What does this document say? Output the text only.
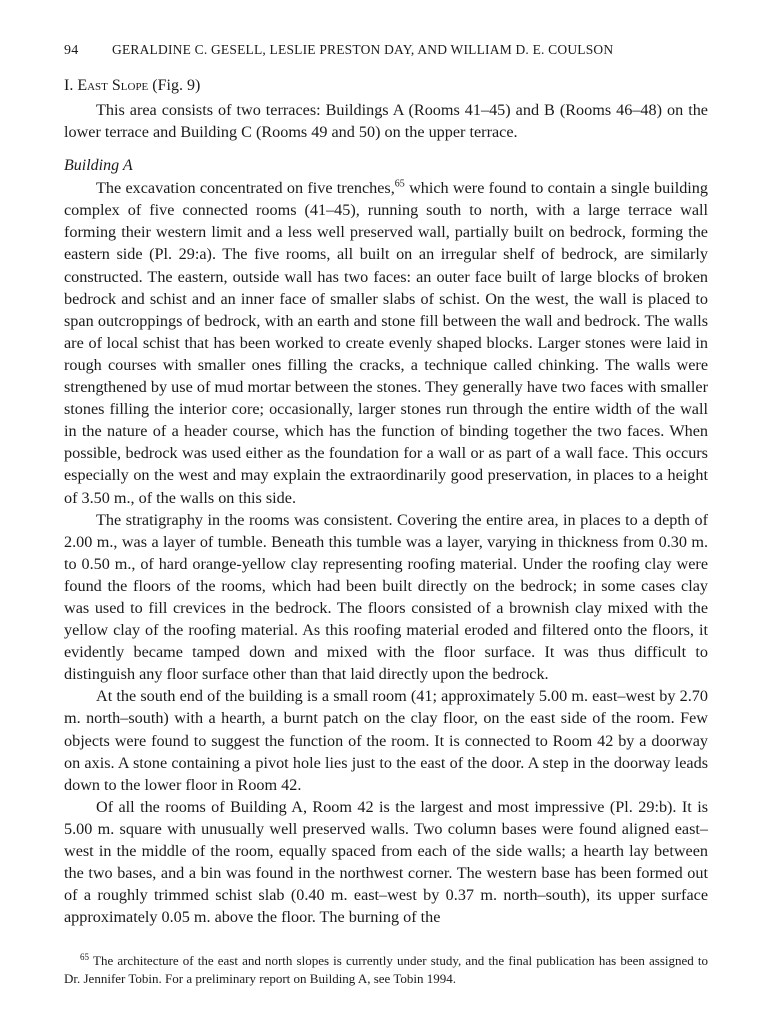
94 GERALDINE C. GESELL, LESLIE PRESTON DAY, AND WILLIAM D. E. COULSON
I. East Slope (Fig. 9)

This area consists of two terraces: Buildings A (Rooms 41–45) and B (Rooms 46–48) on the lower terrace and Building C (Rooms 49 and 50) on the upper terrace.

Building A

The excavation concentrated on five trenches,$^{65}$ which were found to contain a single building complex of five connected rooms (41–45), running south to north, with a large terrace wall forming their western limit and a less well preserved wall, partially built on bedrock, forming the eastern side (Pl. 29:a). The five rooms, all built on an irregular shelf of bedrock, are similarly constructed. The eastern, outside wall has two faces: an outer face built of large blocks of broken bedrock and schist and an inner face of smaller slabs of schist. On the west, the wall is placed to span outcroppings of bedrock, with an earth and stone fill between the wall and bedrock. The walls are of local schist that has been worked to create evenly shaped blocks. Larger stones were laid in rough courses with smaller ones filling the cracks, a technique called chinking. The walls were strengthened by use of mud mortar between the stones. They generally have two faces with smaller stones filling the interior core; occasionally, larger stones run through the entire width of the wall in the nature of a header course, which has the function of binding together the two faces. When possible, bedrock was used either as the foundation for a wall or as part of a wall face. This occurs especially on the west and may explain the extraordinarily good preservation, in places to a height of 3.50 m., of the walls on this side.

The stratigraphy in the rooms was consistent. Covering the entire area, in places to a depth of 2.00 m., was a layer of tumble. Beneath this tumble was a layer, varying in thickness from 0.30 m. to 0.50 m., of hard orange-yellow clay representing roofing material. Under the roofing clay were found the floors of the rooms, which had been built directly on the bedrock; in some cases clay was used to fill crevices in the bedrock. The floors consisted of a brownish clay mixed with the yellow clay of the roofing material. As this roofing material eroded and filtered onto the floors, it evidently became tamped down and mixed with the floor surface. It was thus difficult to distinguish any floor surface other than that laid directly upon the bedrock.

At the south end of the building is a small room (41; approximately 5.00 m. east–west by 2.70 m. north–south) with a hearth, a burnt patch on the clay floor, on the east side of the room. Few objects were found to suggest the function of the room. It is connected to Room 42 by a doorway on axis. A stone containing a pivot hole lies just to the east of the door. A step in the doorway leads down to the lower floor in Room 42.

Of all the rooms of Building A, Room 42 is the largest and most impressive (Pl. 29:b). It is 5.00 m. square with unusually well preserved walls. Two column bases were found aligned east–west in the middle of the room, equally spaced from each of the side walls; a hearth lay between the two bases, and a bin was found in the northwest corner. The western base has been formed out of a roughly trimmed schist slab (0.40 m. east–west by 0.37 m. north–south), its upper surface approximately 0.05 m. above the floor. The burning of the

$^{65}$ The architecture of the east and north slopes is currently under study, and the final publication has been assigned to Dr. Jennifer Tobin. For a preliminary report on Building A, see Tobin 1994.
